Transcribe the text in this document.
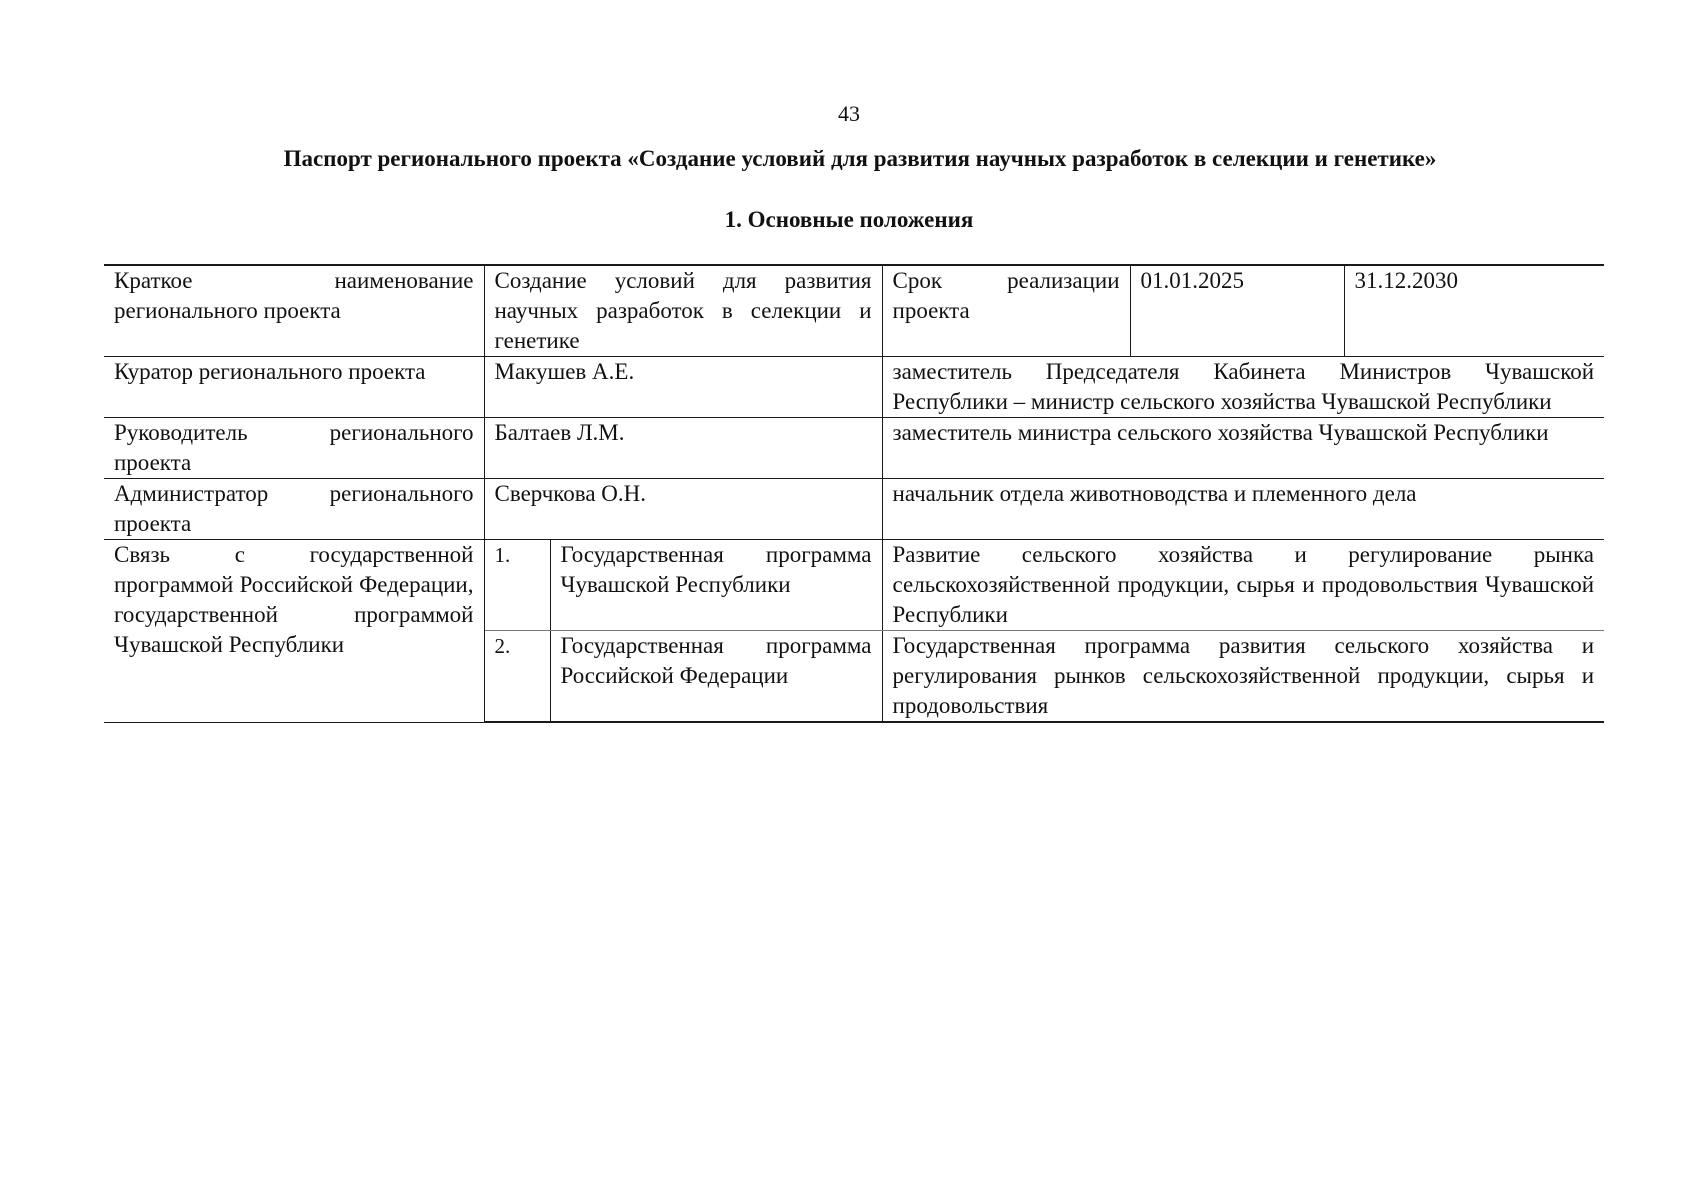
43
Паспорт регионального проекта «Создание условий для развития научных разработок в селекции и генетике»
1. Основные положения
Краткое наименование регионального проекта	Создание условий для развития научных разработок в селекции и генетике		Срок реализации проекта	01.01.2025	31.12.2030
Куратор регионального проекта	Макушев А.Е.		заместитель Председателя Кабинета Министров Чувашской Республики – министр сельского хозяйства Чувашской Республики		
Руководитель регионального проекта	Балтаев Л.М.		заместитель министра сельского хозяйства Чувашской Республики		
Администратор регионального проекта	Сверчкова О.Н.		начальник отдела животноводства и племенного дела		
Связь с государственной программой Российской Федерации, государственной программой Чувашской Республики	1.	Государственная программа Чувашской Республики	Развитие сельского хозяйства и регулирование рынка сельскохозяйственной продукции, сырья и продовольствия Чувашской Республики		
	2.	Государственная программа Российской Федерации	Государственная программа развития сельского хозяйства и регулирования рынков сельскохозяйственной продукции, сырья и продовольствия		
